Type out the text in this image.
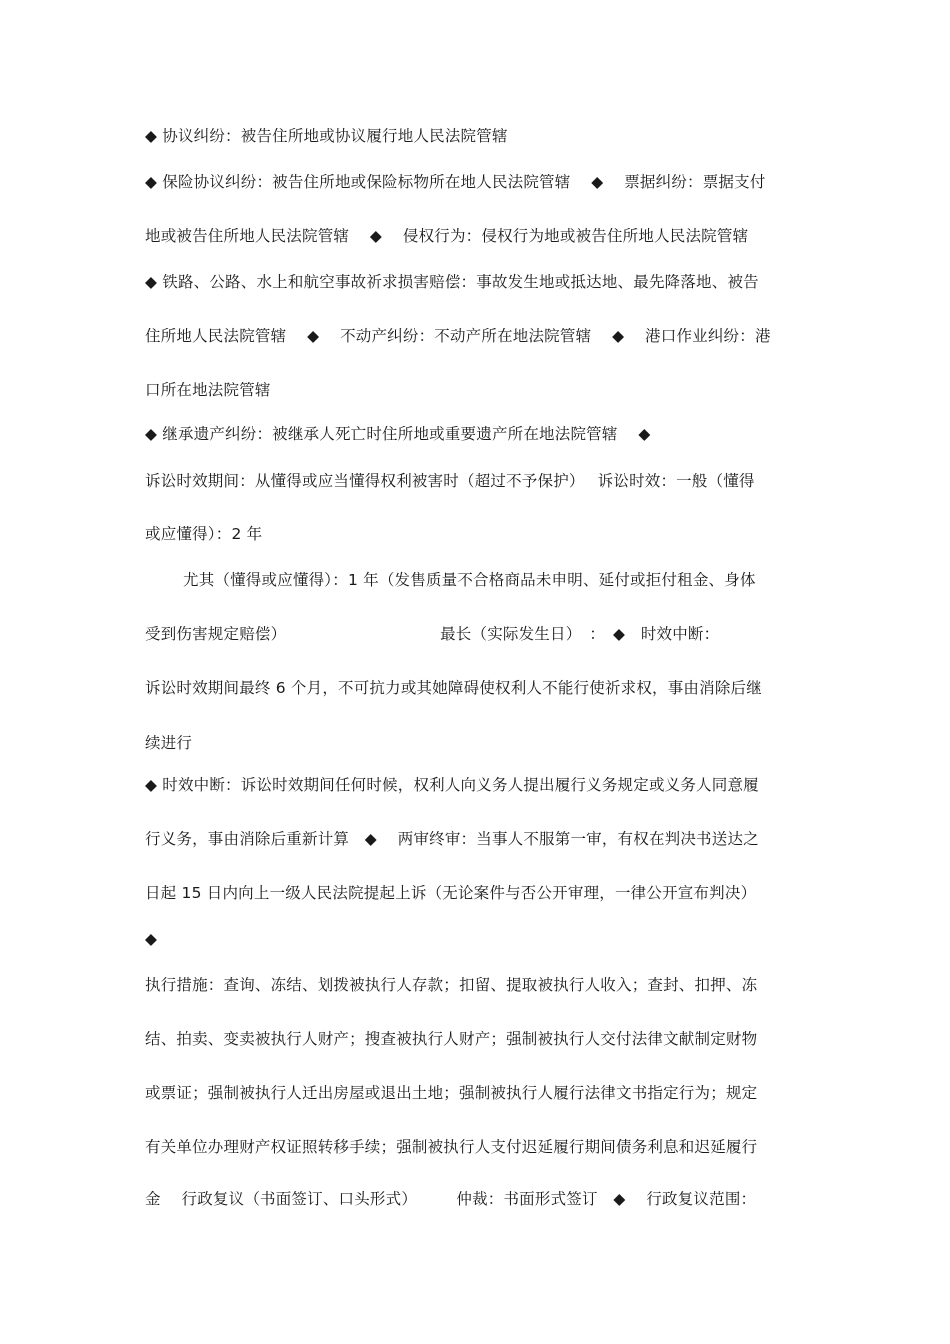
◆ 协议纠纷：被告住所地或协议履行地人民法院管辖
◆ 保险协议纠纷：被告住所地或保险标物所在地人民法院管辖　 ◆　 票据纠纷：票据支付
地或被告住所地人民法院管辖　 ◆　 侵权行为：侵权行为地或被告住所地人民法院管辖
◆ 铁路、公路、水上和航空事故祈求损害赔偿：事故发生地或抵达地、最先降落地、被告
住所地人民法院管辖　 ◆　 不动产纠纷：不动产所在地法院管辖　 ◆　 港口作业纠纷：港
口所在地法院管辖
◆ 继承遗产纠纷：被继承人死亡时住所地或重要遗产所在地法院管辖　 ◆
诉讼时效期间：从懂得或应当懂得权利被害时（超过不予保护）　 诉讼时效：一般（懂得
或应懂得）：2 年
尤其（懂得或应懂得）：1 年（发售质量不合格商品未申明、延付或拒付租金、身体
受到伤害规定赔偿）                              最长（实际发生日）　：　◆　时效中断：
诉讼时效期间最终 6 个月，不可抗力或其她障碍使权利人不能行使祈求权，事由消除后继
续进行
◆ 时效中断：诉讼时效期间任何时候，权利人向义务人提出履行义务规定或义务人同意履
行义务，事由消除后重新计算　◆　 两审终审：当事人不服第一审，有权在判决书送达之
日起 15 日内向上一级人民法院提起上诉（无论案件与否公开审理，一律公开宣布判决）
◆
执行措施：查询、冻结、划拨被执行人存款；扣留、提取被执行人收入；查封、扣押、冻
结、拍卖、变卖被执行人财产；搜查被执行人财产；强制被执行人交付法律文献制定财物
或票证；强制被执行人迁出房屋或退出土地；强制被执行人履行法律文书指定行为；规定
有关单位办理财产权证照转移手续；强制被执行人支付迟延履行期间债务利息和迟延履行
金　 行政复议（书面签订、口头形式）　　　仲裁：书面形式签订　◆　 行政复议范围：
